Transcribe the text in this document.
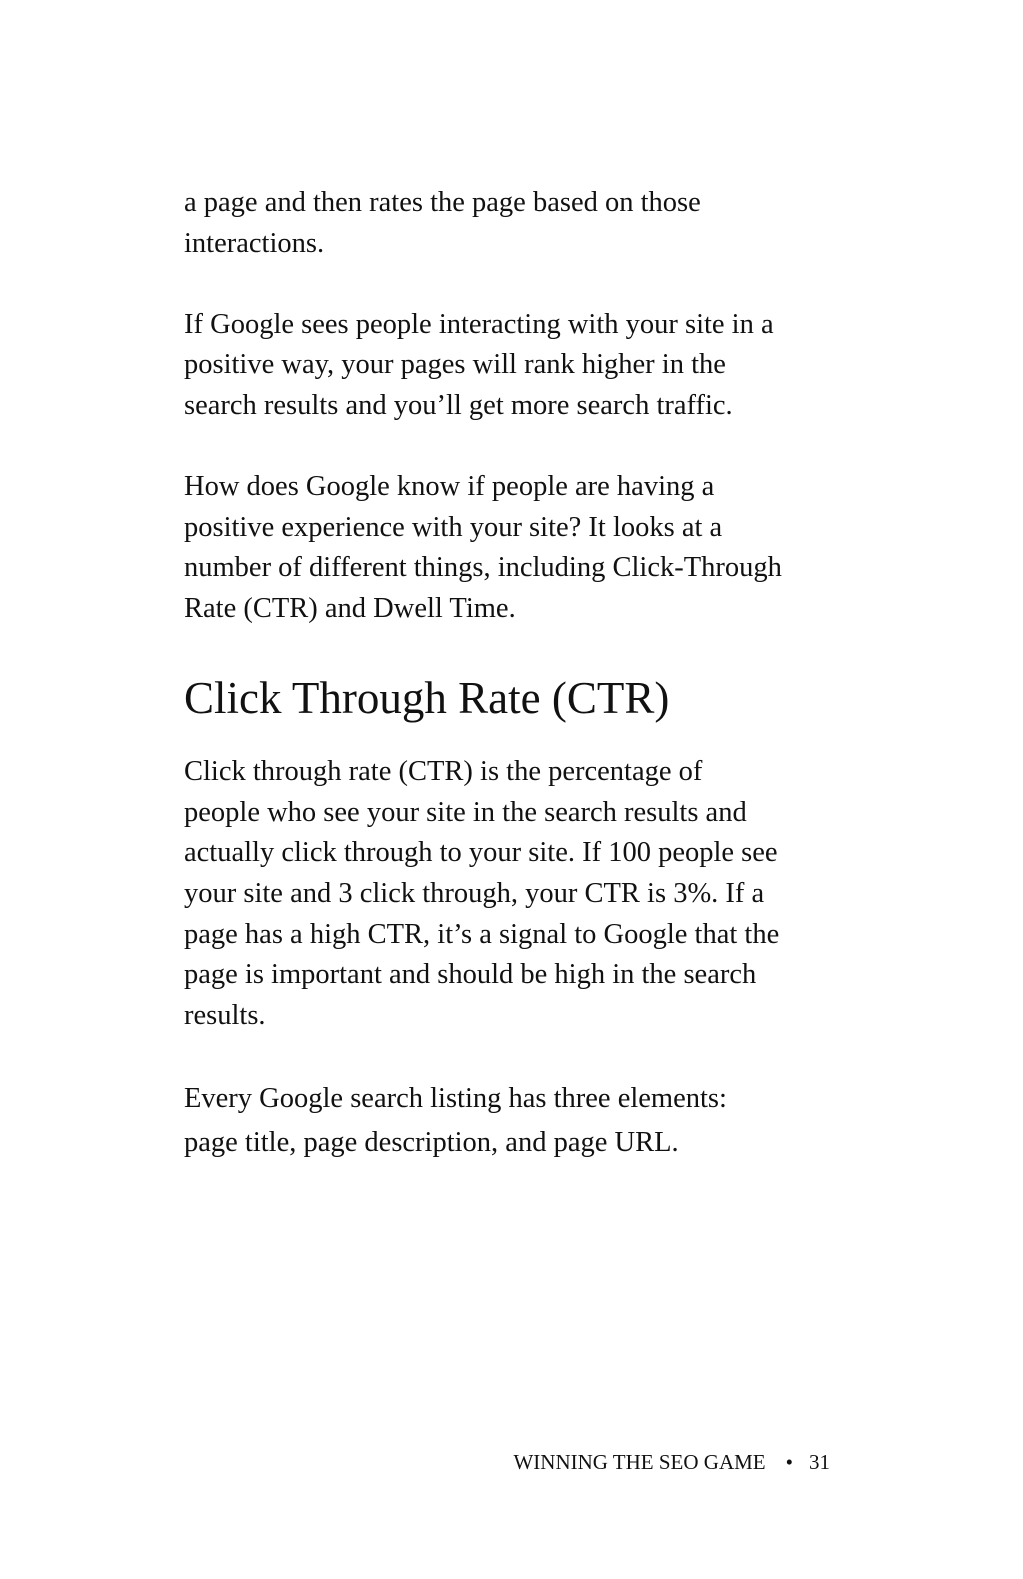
a page and then rates the page based on those
interactions.

If Google sees people interacting with your site in a
positive way, your pages will rank higher in the
search results and you’ll get more search traffic.

How does Google know if people are having a
positive experience with your site? It looks at a
number of different things, including Click-Through
Rate (CTR) and Dwell Time.

Click Through Rate (CTR)

Click through rate (CTR) is the percentage of
people who see your site in the search results and
actually click through to your site. If 100 people see
your site and 3 click through, your CTR is 3%. If a
page has a high CTR, it’s a signal to Google that the
page is important and should be high in the search
results.

Every Google search listing has three elements:
page title, page description, and page URL.

WINNING THE SEO GAME • 31
